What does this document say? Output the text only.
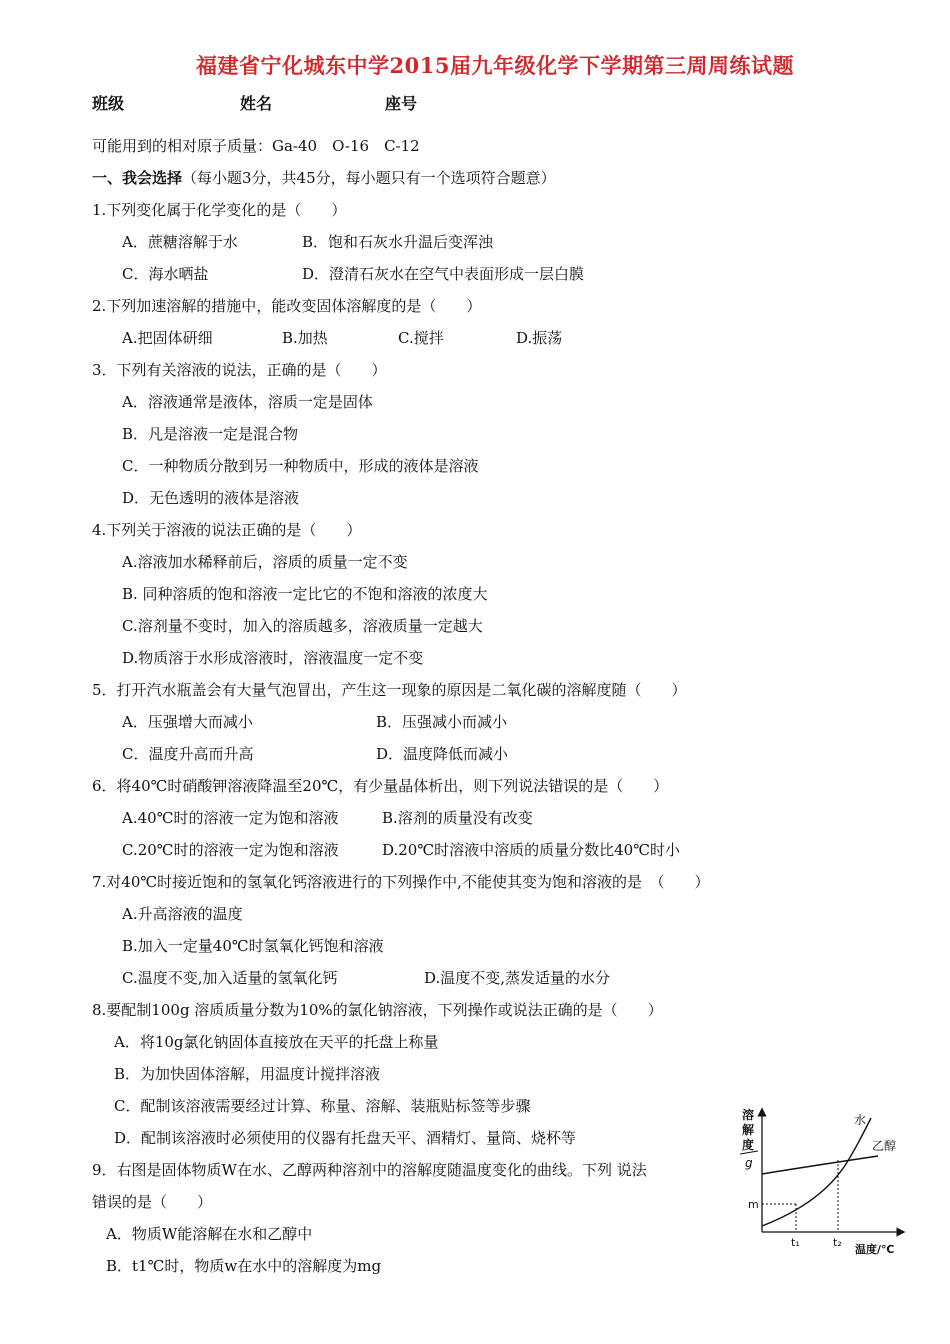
福建省宁化城东中学2015届九年级化学下学期第三周周练试题
班级	姓名	座号
可能用到的相对原子质量：Ga-40　O-16　C-12
一、我会选择（每小题3分，共45分，每小题只有一个选项符合题意）
1.下列变化属于化学变化的是（　　）
A．蔗糖溶解于水	B．饱和石灰水升温后变浑浊
C．海水晒盐	D．澄清石灰水在空气中表面形成一层白膜
2.下列加速溶解的措施中，能改变固体溶解度的是（　　）
A.把固体研细	B.加热	C.搅拌	D.振荡
3．下列有关溶液的说法，正确的是（　　）
A．溶液通常是液体，溶质一定是固体
B．凡是溶液一定是混合物
C．一种物质分散到另一种物质中，形成的液体是溶液
D．无色透明的液体是溶液
4.下列关于溶液的说法正确的是（　　）
A.溶液加水稀释前后，溶质的质量一定不变
B. 同种溶质的饱和溶液一定比它的不饱和溶液的浓度大
C.溶剂量不变时，加入的溶质越多，溶液质量一定越大
D.物质溶于水形成溶液时，溶液温度一定不变
5．打开汽水瓶盖会有大量气泡冒出，产生这一现象的原因是二氧化碳的溶解度随（　　）
A．压强增大而减小	B．压强减小而减小
C．温度升高而升高	D．温度降低而减小
6．将40℃时硝酸钾溶液降温至20℃，有少量晶体析出，则下列说法错误的是（　　）
A.40℃时的溶液一定为饱和溶液	B.溶剂的质量没有改变
C.20℃时的溶液一定为饱和溶液	D.20℃时溶液中溶质的质量分数比40℃时小
7.对40℃时接近饱和的氢氧化钙溶液进行的下列操作中,不能使其变为饱和溶液的是　（　　）
A.升高溶液的温度
B.加入一定量40℃时氢氧化钙饱和溶液
C.温度不变,加入适量的氢氧化钙	D.温度不变,蒸发适量的水分
8.要配制100g 溶质质量分数为10%的氯化钠溶液，下列操作或说法正确的是（　　）
A．将10g氯化钠固体直接放在天平的托盘上称量
B．为加快固体溶解，用温度计搅拌溶液
C．配制该溶液需要经过计算、称量、溶解、装瓶贴标签等步骤
D．配制该溶液时必须使用的仪器有托盘天平、酒精灯、量筒、烧杯等
9．右图是固体物质W在水、乙醇两种溶剂中的溶解度随温度变化的曲线。下列 说法
错误的是（　　）
A．物质W能溶解在水和乙醇中
B．t1℃时，物质w在水中的溶解度为mg
溶
解
度
g
m
t₁	t₂
温度/℃
水
乙醇
